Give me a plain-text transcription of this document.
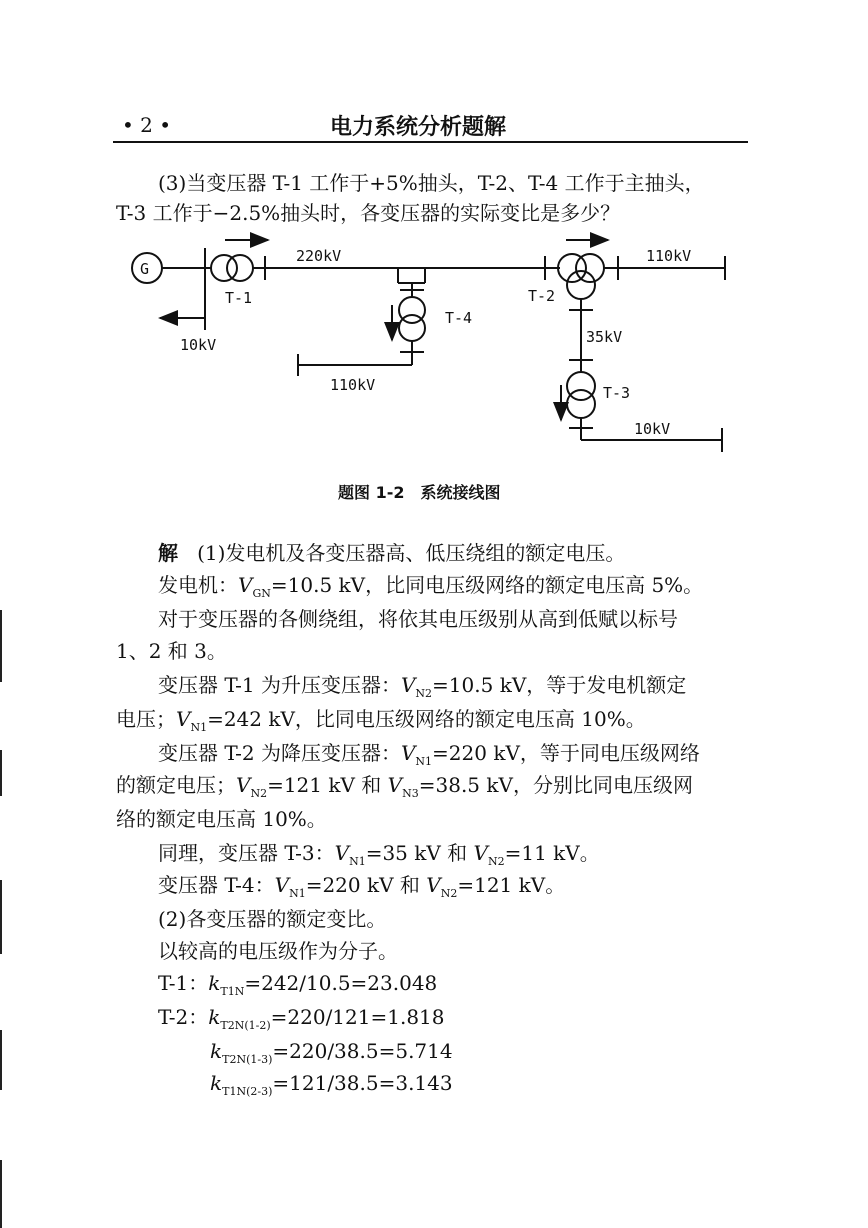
• 2 •	电力系统分析题解
(3)当变压器 T-1 工作于+5%抽头，T-2、T-4 工作于主抽头，
T-3 工作于−2.5%抽头时，各变压器的实际变比是多少？
G
T-1
220kV
10kV
T-4
110kV
T-2
110kV
35kV
T-3
10kV
题图 1-2　系统接线图
解 (1)发电机及各变压器高、低压绕组的额定电压。
发电机：$V_{GN}=10.5$ kV，比同电压级网络的额定电压高 5%。
对于变压器的各侧绕组，将依其电压级别从高到低赋以标号
1、2 和 3。
变压器 T-1 为升压变压器：$V_{N2}=10.5$ kV，等于发电机额定
电压；$V_{N1}=242$ kV，比同电压级网络的额定电压高 10%。
变压器 T-2 为降压变压器：$V_{N1}=220$ kV，等于同电压级网络
的额定电压；$V_{N2}=121$ kV 和 $V_{N3}=38.5$ kV，分别比同电压级网
络的额定电压高 10%。
同理，变压器 T-3：$V_{N1}=35$ kV 和 $V_{N2}=11$ kV。
变压器 T-4：$V_{N1}=220$ kV 和 $V_{N2}=121$ kV。
(2)各变压器的额定变比。
以较高的电压级作为分子。
T-1：$k_{T1N}=242/10.5=23.048$
T-2：$k_{T2N(1-2)}=220/121=1.818$
$k_{T2N(1-3)}=220/38.5=5.714$
$k_{T1N(2-3)}=121/38.5=3.143$
